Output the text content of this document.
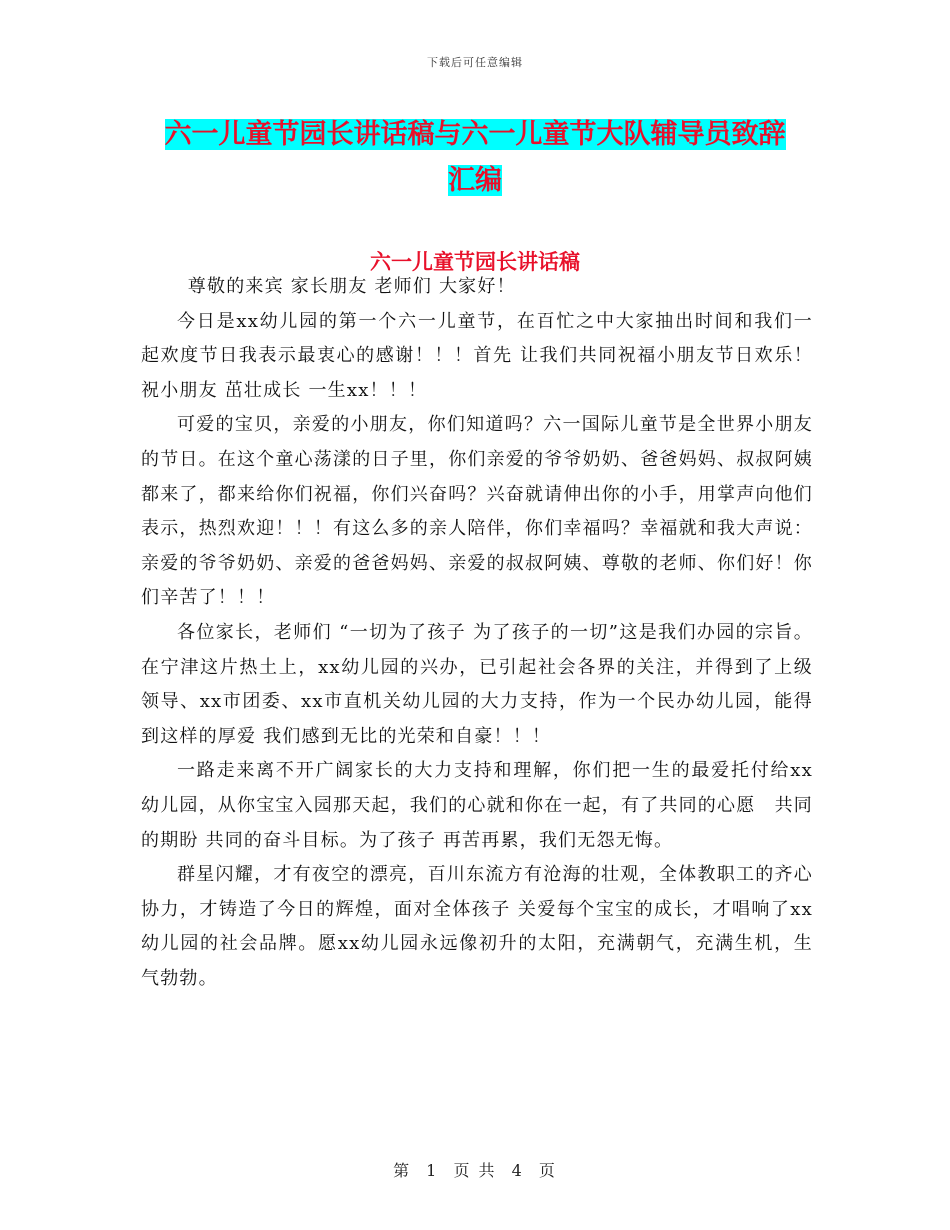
下载后可任意编辑
六一儿童节园长讲话稿与六一儿童节大队辅导员致辞
汇编
六一儿童节园长讲话稿

尊敬的来宾 家长朋友 老师们 大家好！

今日是xx幼儿园的第一个六一儿童节，在百忙之中大家抽出时间和我们一起欢度节日我表示最衷心的感谢！！！首先 让我们共同祝福小朋友节日欢乐！祝小朋友 茁壮成长 一生xx！！！

可爱的宝贝，亲爱的小朋友，你们知道吗？六一国际儿童节是全世界小朋友的节日。在这个童心荡漾的日子里，你们亲爱的爷爷奶奶、爸爸妈妈、叔叔阿姨都来了，都来给你们祝福，你们兴奋吗？兴奋就请伸出你的小手，用掌声向他们表示，热烈欢迎！！！有这么多的亲人陪伴，你们幸福吗？幸福就和我大声说：亲爱的爷爷奶奶、亲爱的爸爸妈妈、亲爱的叔叔阿姨、尊敬的老师、你们好！你们辛苦了！！！

各位家长，老师们 “一切为了孩子 为了孩子的一切”这是我们办园的宗旨。在宁津这片热土上，xx幼儿园的兴办，已引起社会各界的关注，并得到了上级领导、xx市团委、xx市直机关幼儿园的大力支持，作为一个民办幼儿园，能得到这样的厚爱 我们感到无比的光荣和自豪！！！

一路走来离不开广阔家长的大力支持和理解，你们把一生的最爱托付给xx幼儿园，从你宝宝入园那天起，我们的心就和你在一起，有了共同的心愿　共同的期盼 共同的奋斗目标。为了孩子 再苦再累，我们无怨无悔。

群星闪耀，才有夜空的漂亮，百川东流方有沧海的壮观，全体教职工的齐心协力，才铸造了今日的辉煌，面对全体孩子 关爱每个宝宝的成长，才唱响了xx幼儿园的社会品牌。愿xx幼儿园永远像初升的太阳，充满朝气，充满生机，生气勃勃。

第 1 页 共 4 页
